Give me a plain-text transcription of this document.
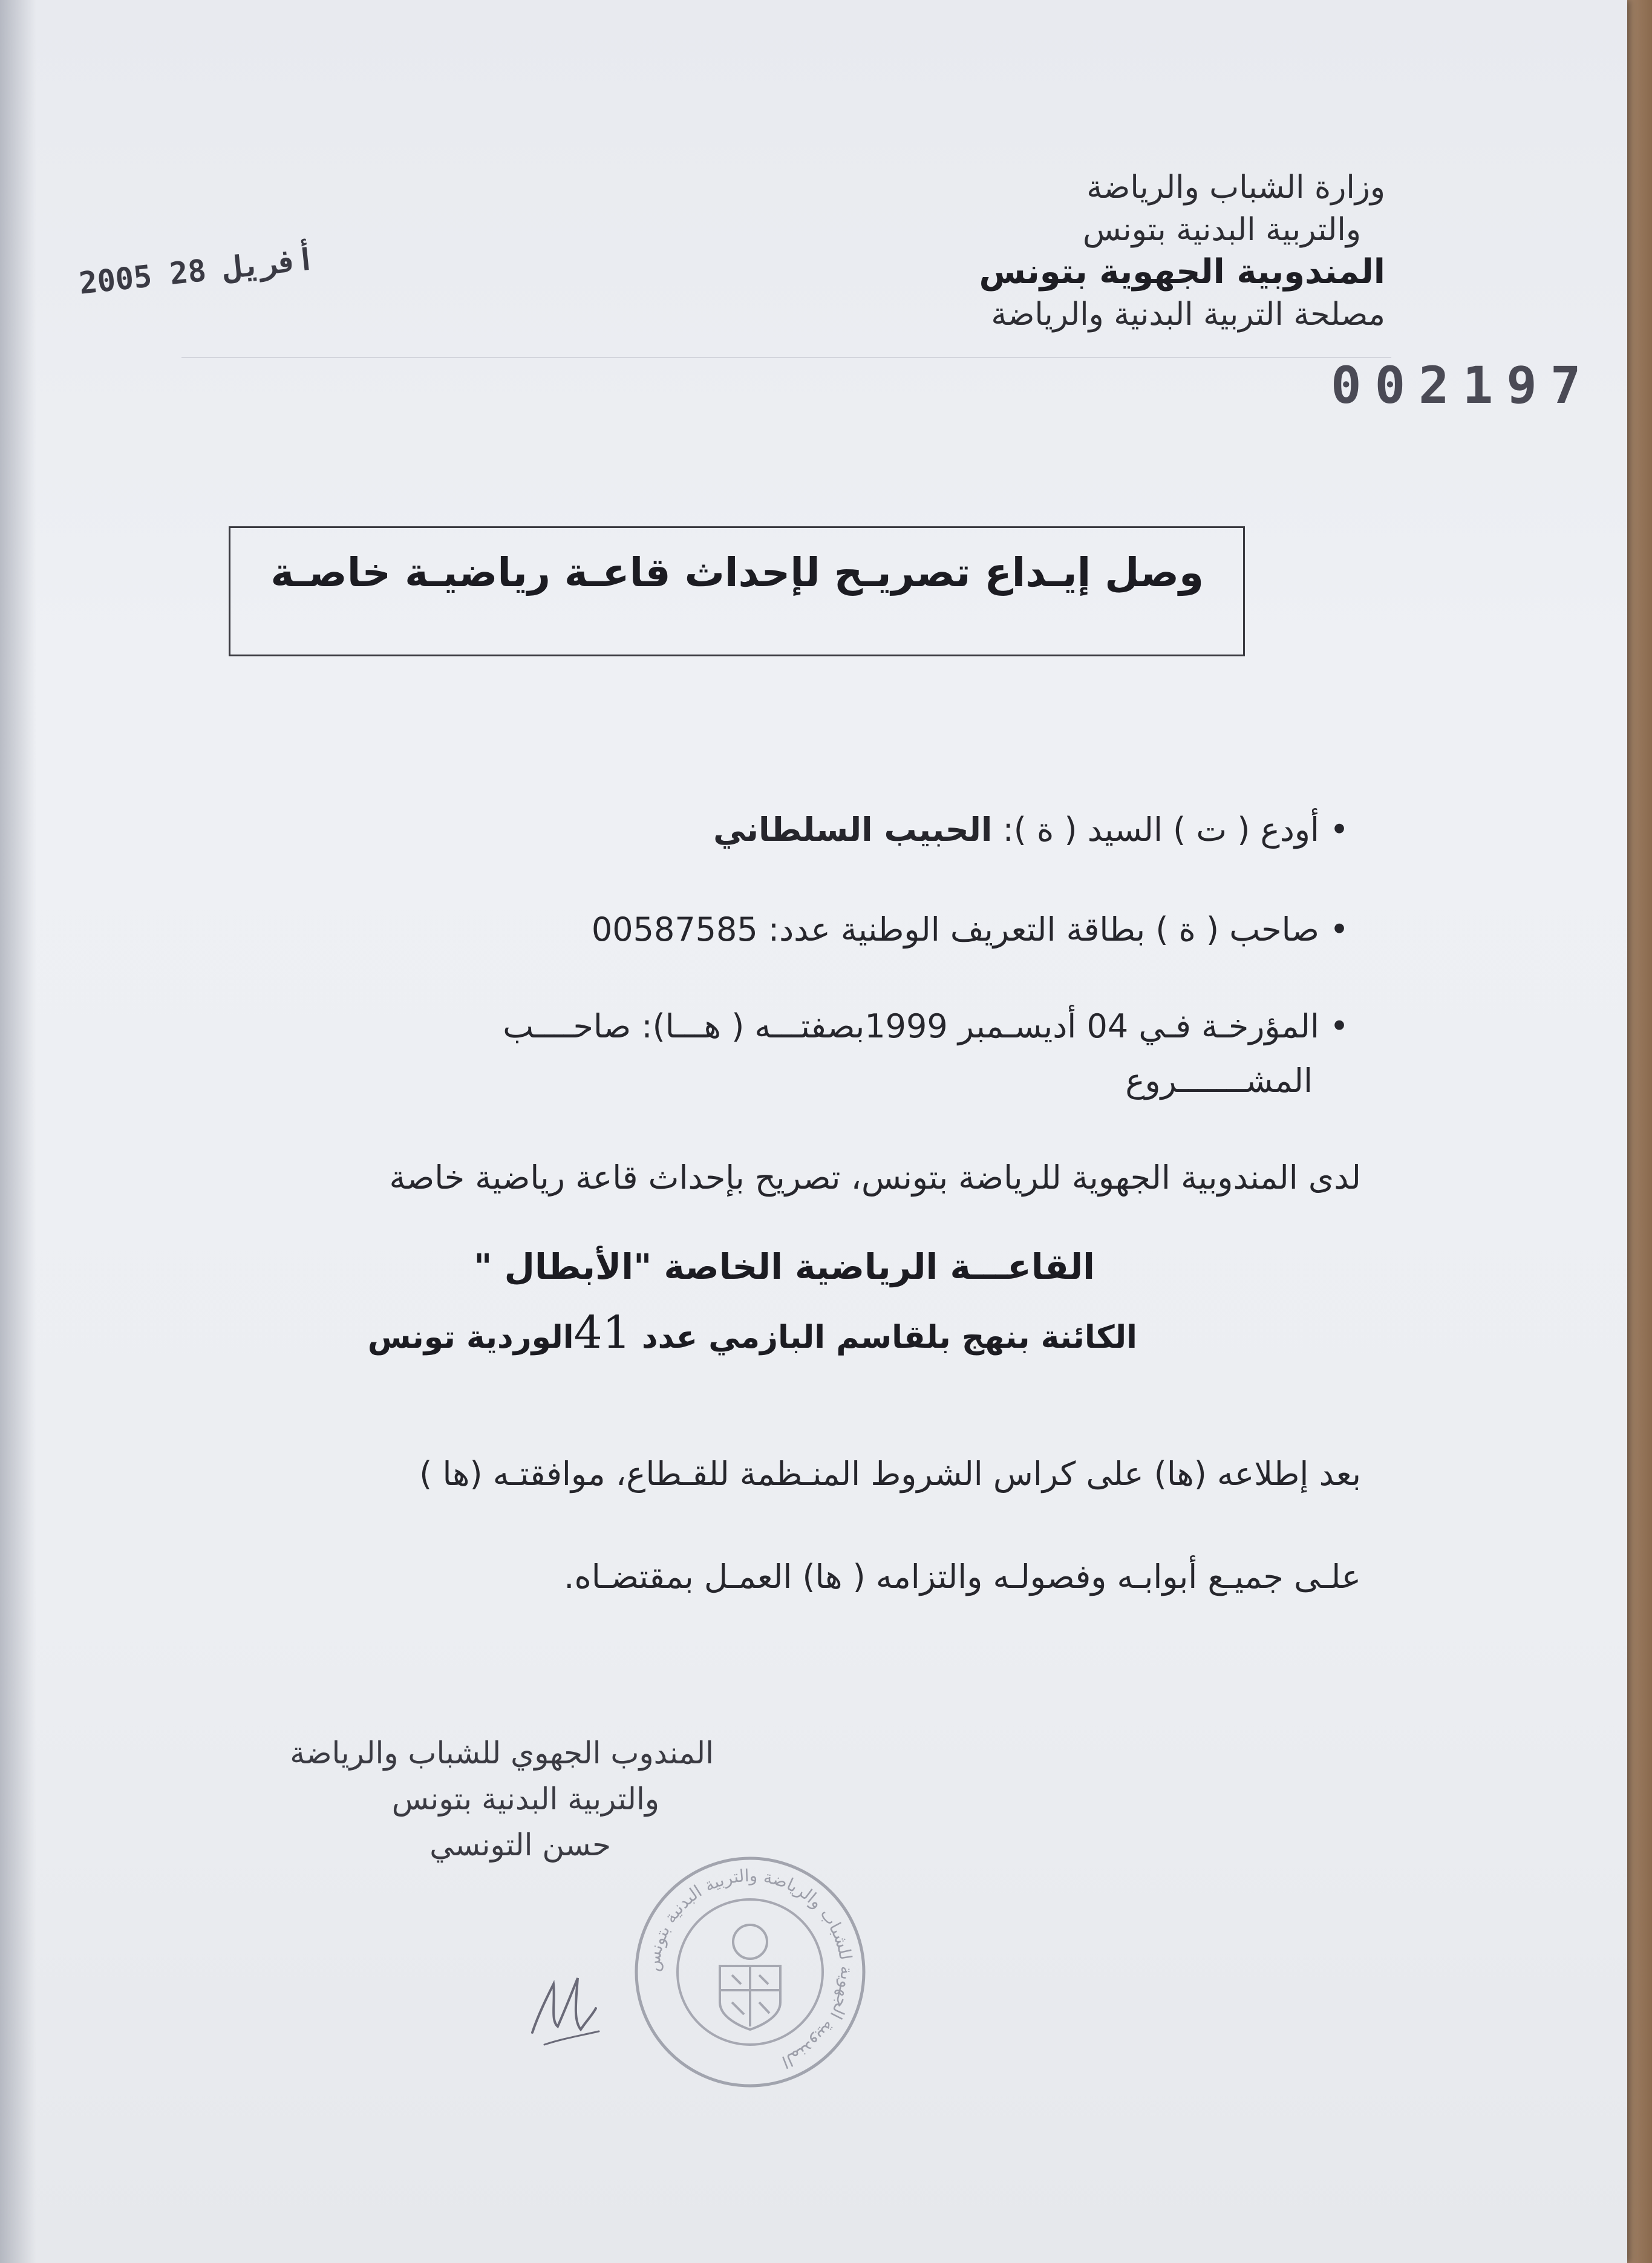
وزارة الشباب والرياضة
والتربية البدنية بتونس
المندوبية الجهوية بتونس
مصلحة التربية البدنية والرياضة
2005 أفريل 28
002197
وصل إيـداع تصريـح لإحداث قاعـة رياضيـة خاصـة
• أودع ( ت ) السيد ( ة ): الحبيب السلطاني
• صاحب ( ة ) بطاقة التعريف الوطنية عدد: 00587585
• المؤرخـة فـي 04 أديسـمبر 1999بصفتـــه ( هـــا): صاحــــب
المشـــــــروع
لدى المندوبية الجهوية للرياضة بتونس، تصريح بإحداث قاعة رياضية خاصة
القاعـــة الرياضية الخاصة "الأبطال "
الكائنة بنهج بلقاسم البازمي عدد 41الوردية تونس
بعد إطلاعه (ها) على كراس الشروط المنـظمة للقـطاع، موافقتـه (ها )
علـى جميـع أبوابـه وفصولـه والتزامه ( ها) العمـل بمقتضـاه.
المندوب الجهوي للشباب والرياضة
والتربية البدنية بتونس
حسن التونسي
المندوبية الجهوية للشباب والرياضة والتربية البدنية بتونس
